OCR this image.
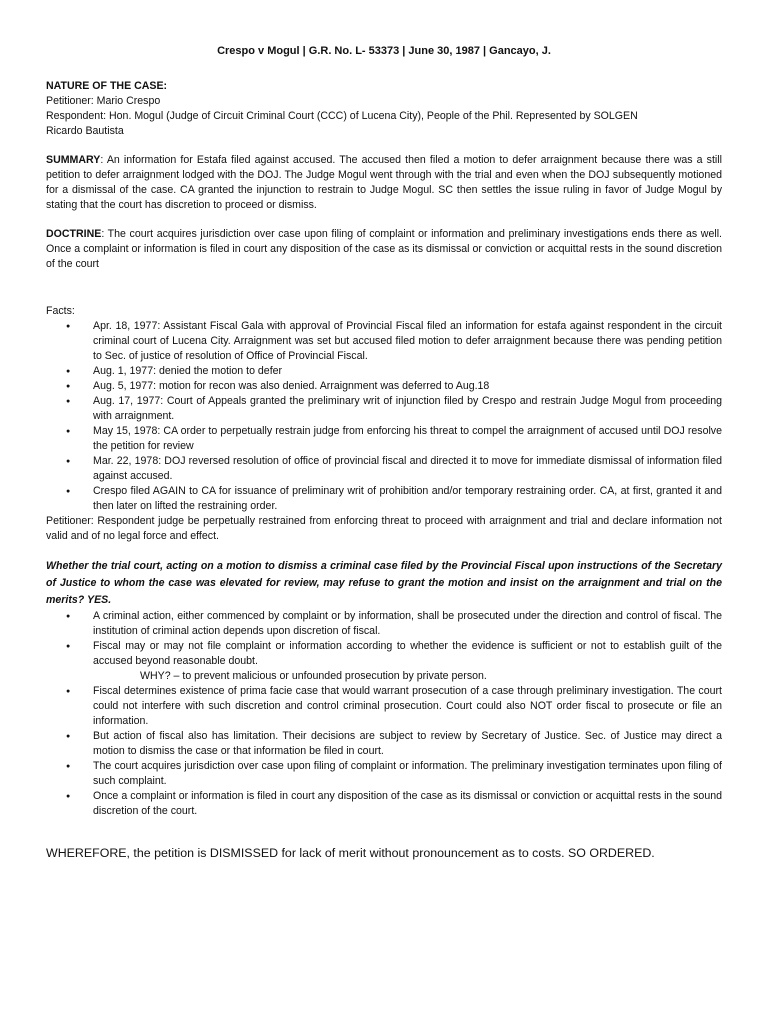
Crespo v Mogul | G.R. No. L- 53373 | June 30, 1987 | Gancayo, J.

NATURE OF THE CASE:

Petitioner: Mario Crespo

Respondent: Hon. Mogul (Judge of Circuit Criminal Court (CCC) of Lucena City), People of the Phil. Represented by SOLGEN

Ricardo Bautista

SUMMARY: An information for Estafa filed against accused. The accused then filed a motion to defer arraignment because there was a still petition to defer arraignment lodged with the DOJ. The Judge Mogul went through with the trial and even when the DOJ subsequently motioned for a dismissal of the case. CA granted the injunction to restrain to Judge Mogul. SC then settles the issue ruling in favor of Judge Mogul by stating that the court has discretion to proceed or dismiss.

DOCTRINE: The court acquires jurisdiction over case upon filing of complaint or information and preliminary investigations ends there as well. Once a complaint or information is filed in court any disposition of the case as its dismissal or conviction or acquittal rests in the sound discretion of the court

Facts:

● Apr. 18, 1977: Assistant Fiscal Gala with approval of Provincial Fiscal filed an information for estafa against respondent in the circuit criminal court of Lucena City. Arraignment was set but accused filed motion to defer arraignment because there was pending petition to Sec. of justice of resolution of Office of Provincial Fiscal.
● Aug. 1, 1977: denied the motion to defer
● Aug. 5, 1977: motion for recon was also denied. Arraignment was deferred to Aug.18
● Aug. 17, 1977: Court of Appeals granted the preliminary writ of injunction filed by Crespo and restrain Judge Mogul from proceeding with arraignment.
● May 15, 1978: CA order to perpetually restrain judge from enforcing his threat to compel the arraignment of accused until DOJ resolve the petition for review
● Mar. 22, 1978: DOJ reversed resolution of office of provincial fiscal and directed it to move for immediate dismissal of information filed against accused.
● Crespo filed AGAIN to CA for issuance of preliminary writ of prohibition and/or temporary restraining order. CA, at first, granted it and then later on lifted the restraining order.

Petitioner: Respondent judge be perpetually restrained from enforcing threat to proceed with arraignment and trial and declare information not valid and of no legal force and effect.

Whether the trial court, acting on a motion to dismiss a criminal case filed by the Provincial Fiscal upon instructions of the Secretary of Justice to whom the case was elevated for review, may refuse to grant the motion and insist on the arraignment and trial on the merits? YES.

● A criminal action, either commenced by complaint or by information, shall be prosecuted under the direction and control of fiscal. The institution of criminal action depends upon discretion of fiscal.
● Fiscal may or may not file complaint or information according to whether the evidence is sufficient or not to establish guilt of the accused beyond reasonable doubt.

WHY? – to prevent malicious or unfounded prosecution by private person.

● Fiscal determines existence of prima facie case that would warrant prosecution of a case through preliminary investigation. The court could not interfere with such discretion and control criminal prosecution. Court could also NOT order fiscal to prosecute or file an information.
● But action of fiscal also has limitation. Their decisions are subject to review by Secretary of Justice. Sec. of Justice may direct a motion to dismiss the case or that information be filed in court.
● The court acquires jurisdiction over case upon filing of complaint or information. The preliminary investigation terminates upon filing of such complaint.
● Once a complaint or information is filed in court any disposition of the case as its dismissal or conviction or acquittal rests in the sound discretion of the court.

WHEREFORE, the petition is DISMISSED for lack of merit without pronouncement as to costs. SO ORDERED.
